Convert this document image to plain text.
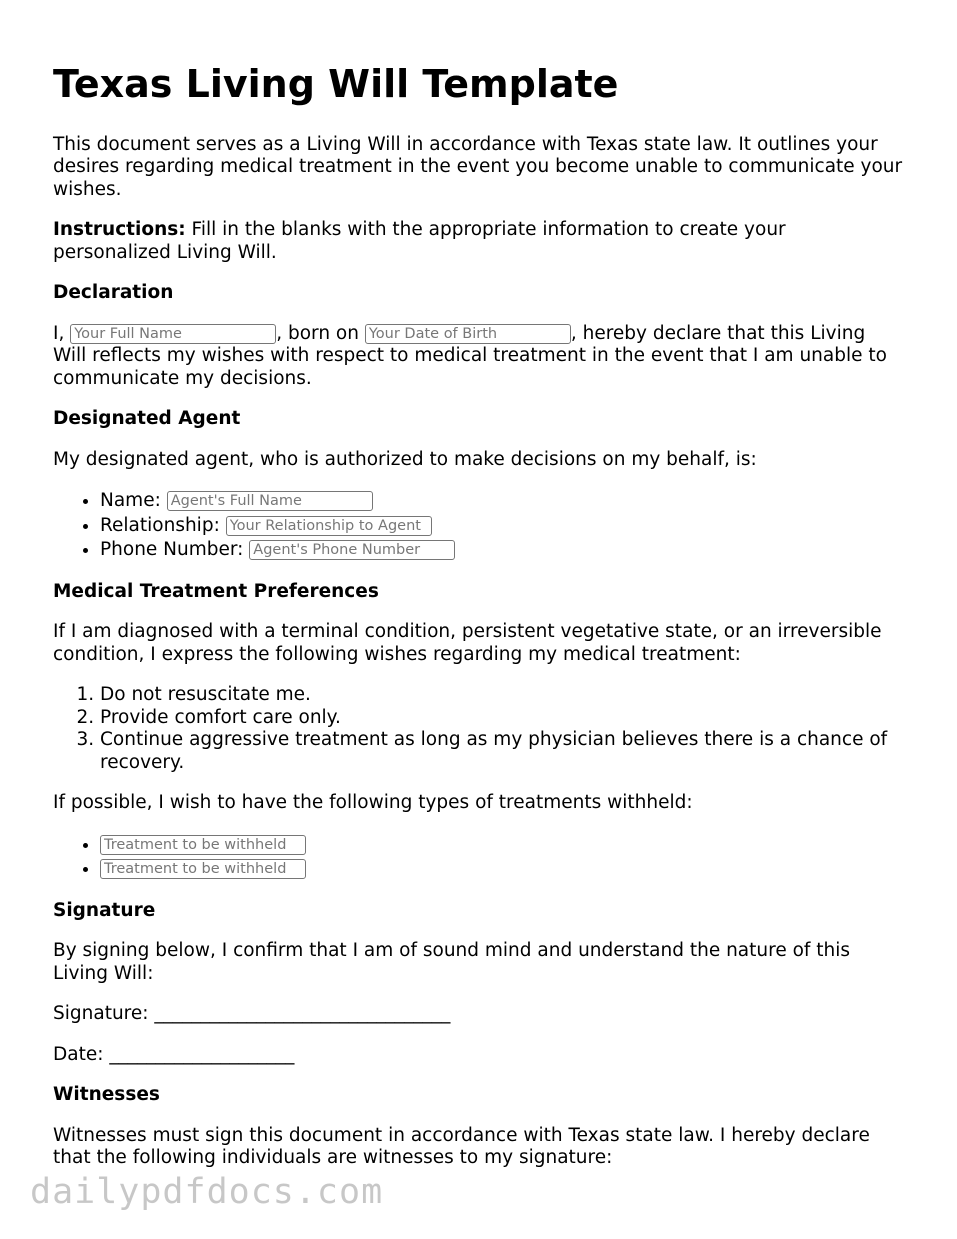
Texas Living Will Template

This document serves as a Living Will in accordance with Texas state law. It outlines your desires regarding medical treatment in the event you become unable to communicate your wishes.

Instructions: Fill in the blanks with the appropriate information to create your personalized Living Will.

Declaration

I, Your Full Name	, born on Your Date of Birth	, hereby declare that this Living Will reflects my wishes with respect to medical treatment in the event that I am unable to communicate my decisions.

Designated Agent

My designated agent, who is authorized to make decisions on my behalf, is:

• Name: Agent's Full Name
• Relationship: Your Relationship to Agent
• Phone Number: Agent's Phone Number
Medical Treatment Preferences

If I am diagnosed with a terminal condition, persistent vegetative state, or an irreversible condition, I express the following wishes regarding my medical treatment:

1. Do not resuscitate me.
2. Provide comfort care only.
3. Continue aggressive treatment as long as my physician believes there is a chance of recovery.

If possible, I wish to have the following types of treatments withheld:

• Treatment to be withheld
• Treatment to be withheld
Signature

By signing below, I confirm that I am of sound mind and understand the nature of this Living Will:

Signature: ________________________________

Date: ____________________

Witnesses

Witnesses must sign this document in accordance with Texas state law. I hereby declare that the following individuals are witnesses to my signature:

dailypdfdocs.com
